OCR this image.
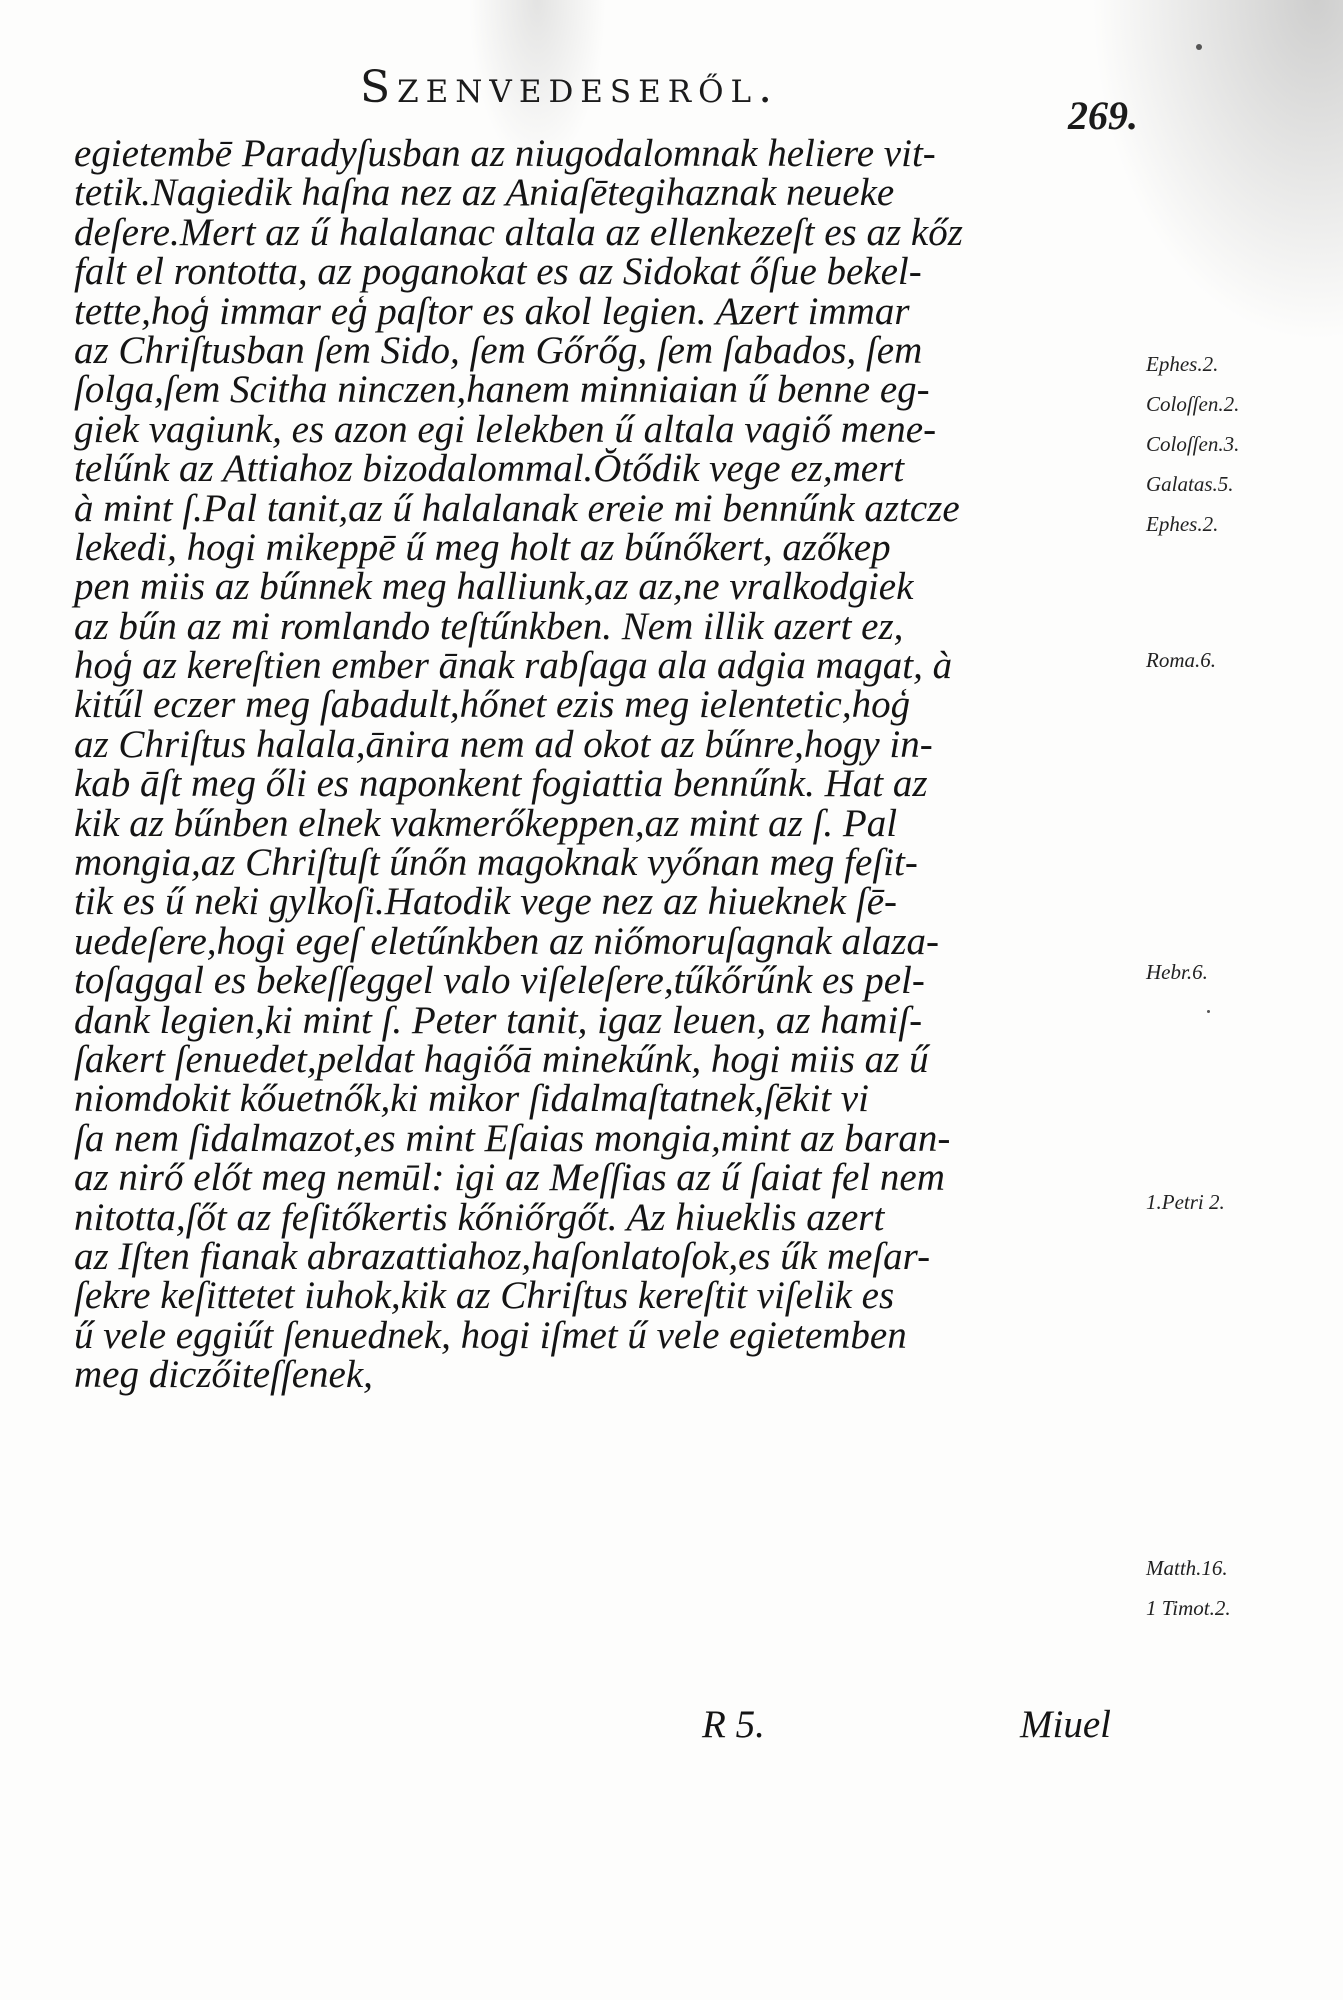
Szenvedeseről.
269.
egietembē Paradyſusban az niugodalomnak heliere vit-
tetik.Nagiedik haſna nez az Aniaſētegihaznak neueke
deſere.Mert az ű halalanac altala az ellenkezeſt es az kőz
falt el rontotta, az poganokat es az Sidokat őſue bekel-
tette,hoģ immar eģ paſtor es akol legien. Azert immar
az Chriſtusban ſem Sido, ſem Gőrőg, ſem ſabados, ſem
ſolga,ſem Scitha ninczen,hanem minniaian ű benne eg-
giek vagiunk, es azon egi lelekben ű altala vagiő mene-
telűnk az Attiahoz bizodalommal.Ŏtődik vege ez,mert
à mint ſ.Pal tanit,az ű halalanak ereie mi bennűnk aztcze
lekedi, hogi mikeppē ű meg holt az bűnőkert, azőkep
pen miis az bűnnek meg halliunk,az az,ne vralkodgiek
az bűn az mi romlando teſtűnkben. Nem illik azert ez,
hoģ az kereſtien ember ānak rabſaga ala adgia magat, à
kitűl eczer meg ſabadult,hőnet ezis meg ielentetic,hoģ
az Chriſtus halala,ānira nem ad okot az bűnre,hogy in-
kab āſt meg őli es naponkent fogiattia bennűnk. Hat az
kik az bűnben elnek vakmerőkeppen,az mint az ſ. Pal
mongia,az Chriſtuſt űnőn magoknak vyőnan meg feſit-
tik es ű neki gylkoſi.Hatodik vege nez az hiueknek ſē-
uedeſere,hogi egeſ eletűnkben az niőmoruſagnak alaza-
toſaggal es bekeſſeggel valo viſeleſere,tűkőrűnk es pel-
dank legien,ki mint ſ. Peter tanit, igaz leuen, az hamiſ-
ſakert ſenuedet,peldat hagiőā minekűnk, hogi miis az ű
niomdokit kőuetnők,ki mikor ſidalmaſtatnek,ſēkit vi
ſa nem ſidalmazot,es mint Eſaias mongia,mint az baran-
az nirő előt meg nemūl: igi az Meſſias az ű ſaiat fel nem
nitotta,ſőt az feſitőkertis kőniőrgőt. Az hiueklis azert
az Iſten fianak abrazattiahoz,haſonlatoſok,es űk meſar-
ſekre keſittetet iuhok,kik az Chriſtus kereſtit viſelik es
ű vele eggiűt ſenuednek, hogi iſmet ű vele egietemben
meg diczőiteſſenek,
Ephes.2.
Coloſſen.2.
Coloſſen.3.
Galatas.5.
Ephes.2.
Roma.6.
Hebr.6.
1.Petri 2.
Matth.16.
1 Timot.2.
R 5.	Miuel
